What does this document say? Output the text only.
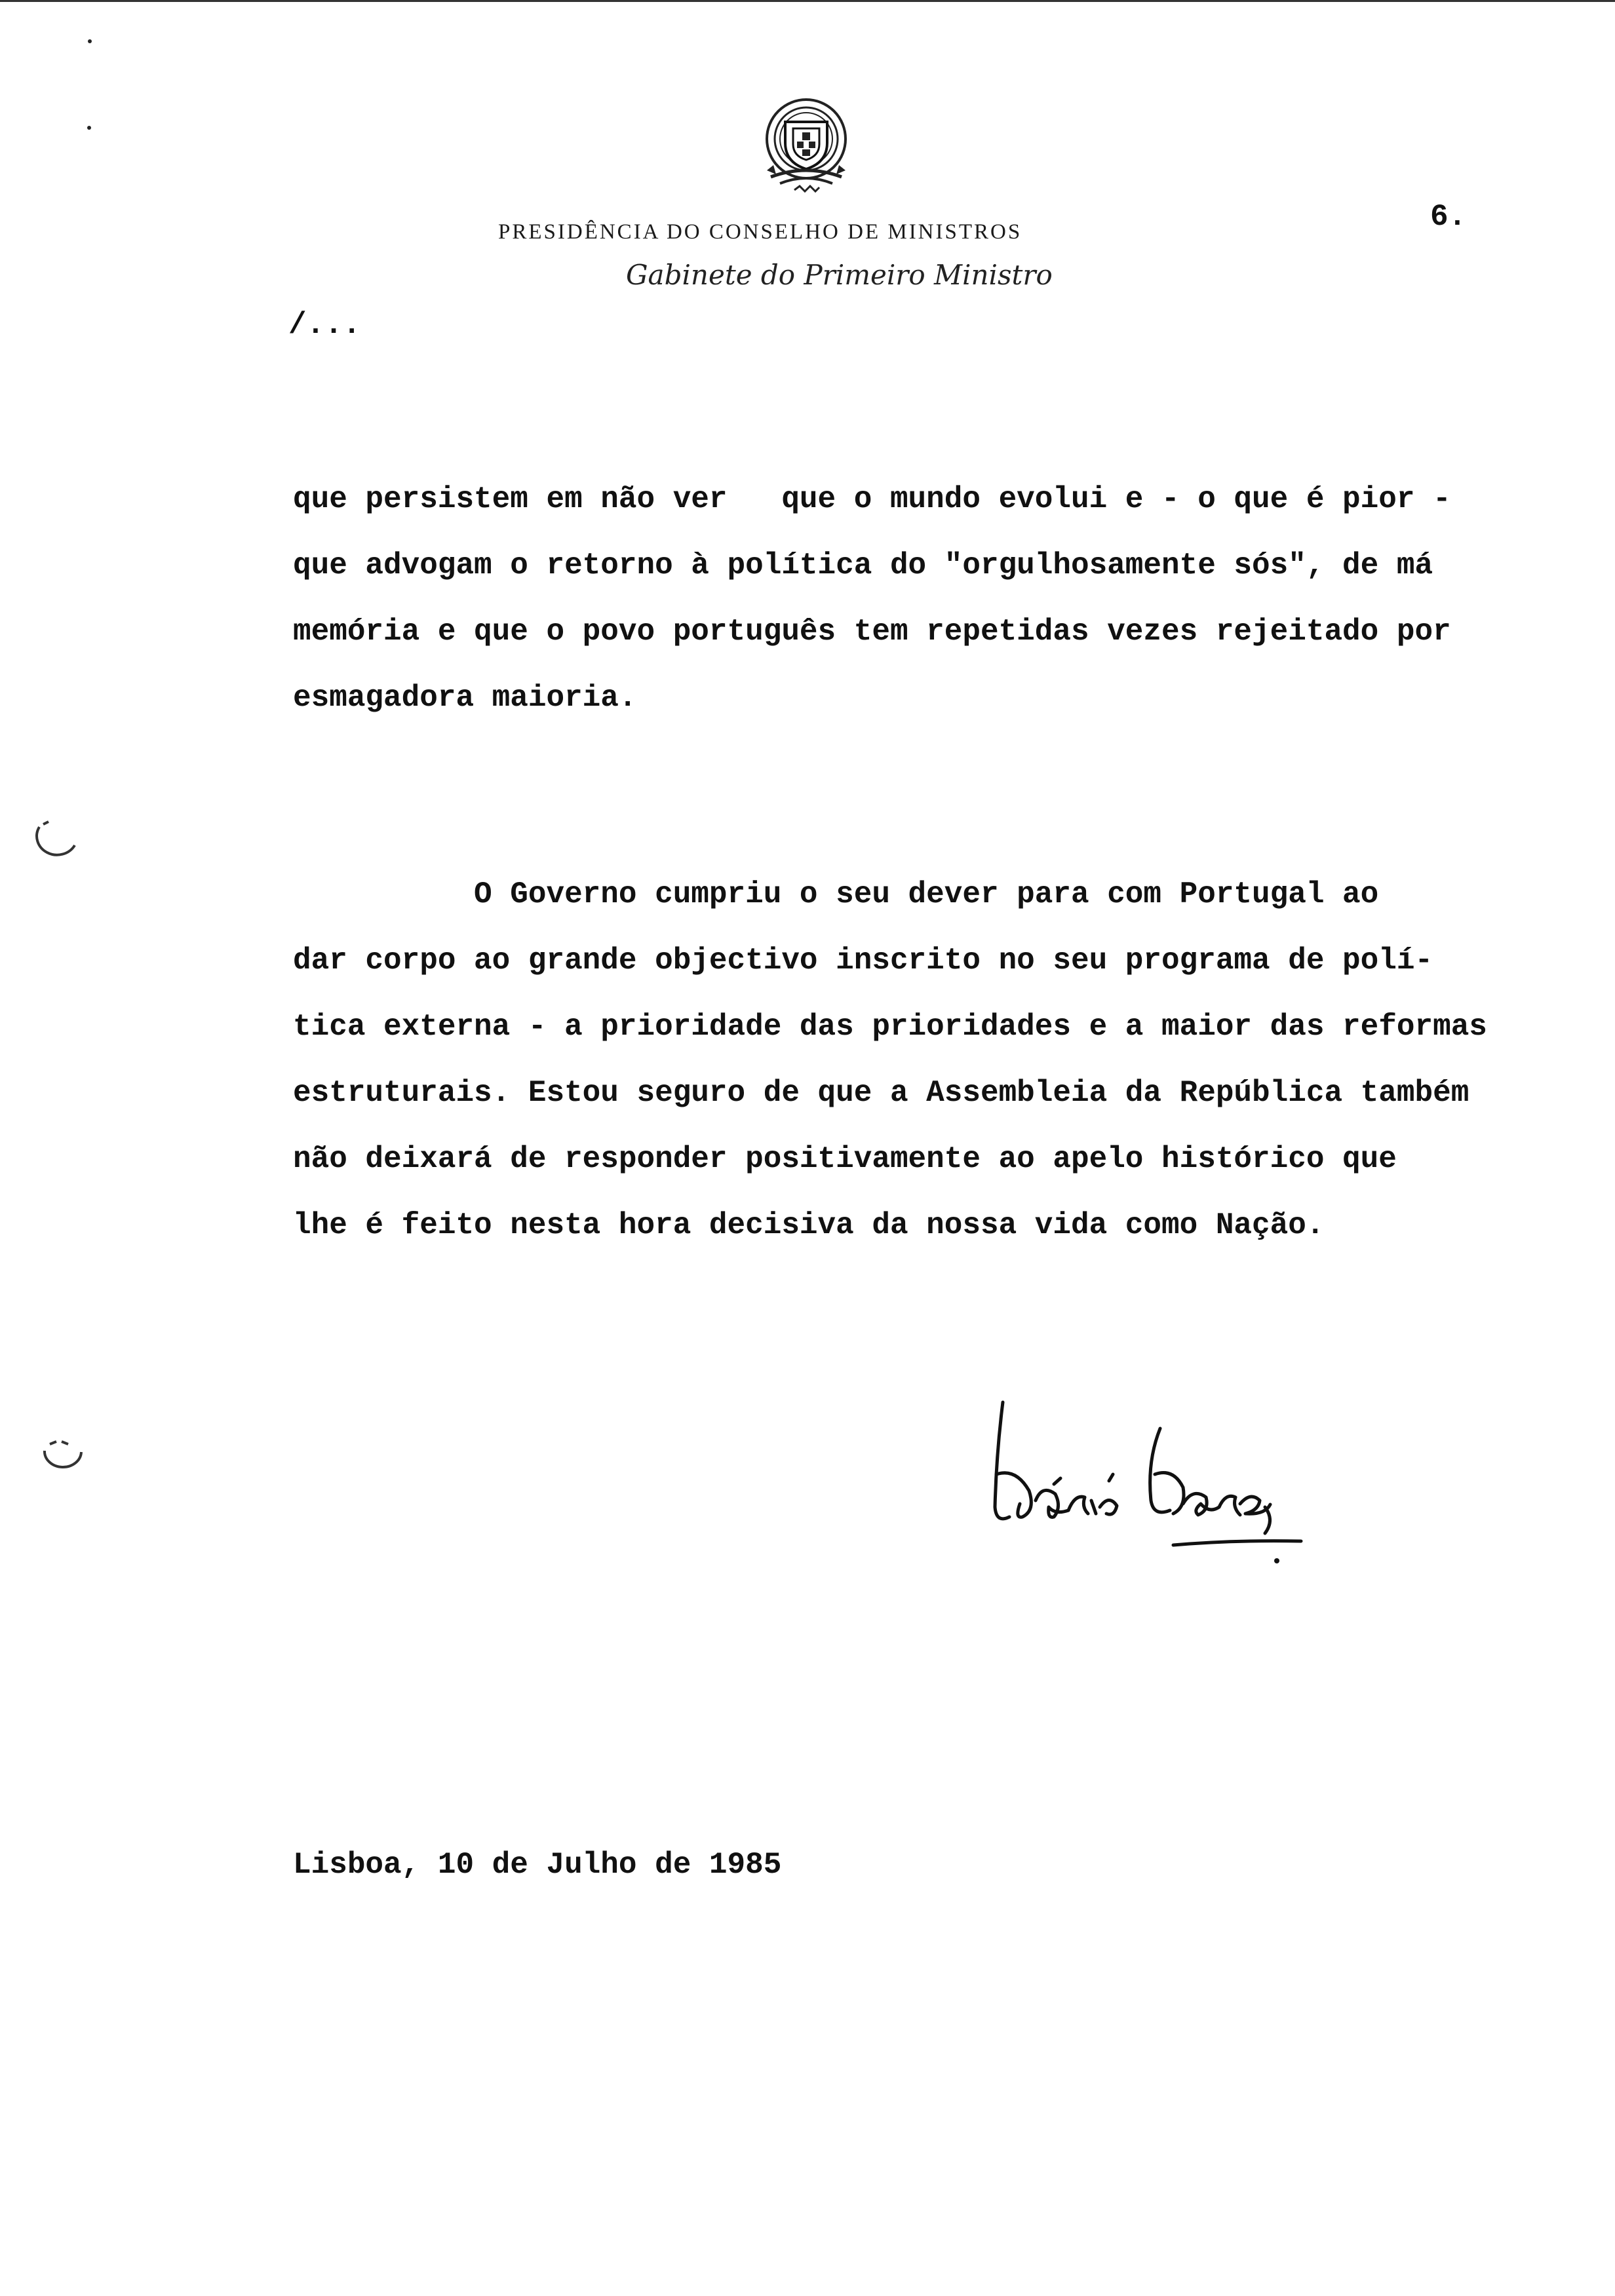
PRESIDÊNCIA DO CONSELHO DE MINISTROS
Gabinete do Primeiro Ministro
6.
/...
que persistem em não ver   que o mundo evolui e - o que é pior -
que advogam o retorno à política do "orgulhosamente sós", de má
memória e que o povo português tem repetidas vezes rejeitado por
esmagadora maioria.
O Governo cumpriu o seu dever para com Portugal ao
dar corpo ao grande objectivo inscrito no seu programa de polí-
tica externa - a prioridade das prioridades e a maior das reformas
estruturais. Estou seguro de que a Assembleia da República também
não deixará de responder positivamente ao apelo histórico que
lhe é feito nesta hora decisiva da nossa vida como Nação.
Lisboa, 10 de Julho de 1985
